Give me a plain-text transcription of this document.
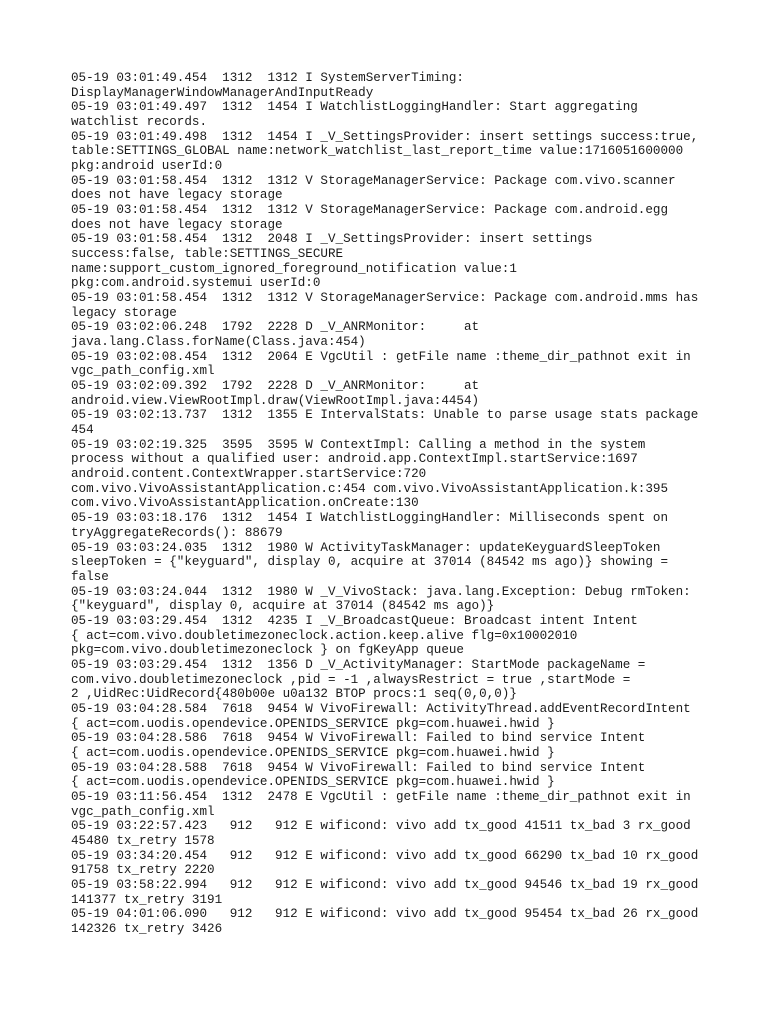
05-19 03:01:49.454  1312  1312 I SystemServerTiming:
DisplayManagerWindowManagerAndInputReady
05-19 03:01:49.497  1312  1454 I WatchlistLoggingHandler: Start aggregating
watchlist records.
05-19 03:01:49.498  1312  1454 I _V_SettingsProvider: insert settings success:true,
table:SETTINGS_GLOBAL name:network_watchlist_last_report_time value:1716051600000
pkg:android userId:0
05-19 03:01:58.454  1312  1312 V StorageManagerService: Package com.vivo.scanner
does not have legacy storage
05-19 03:01:58.454  1312  1312 V StorageManagerService: Package com.android.egg
does not have legacy storage
05-19 03:01:58.454  1312  2048 I _V_SettingsProvider: insert settings
success:false, table:SETTINGS_SECURE
name:support_custom_ignored_foreground_notification value:1
pkg:com.android.systemui userId:0
05-19 03:01:58.454  1312  1312 V StorageManagerService: Package com.android.mms has
legacy storage
05-19 03:02:06.248  1792  2228 D _V_ANRMonitor:     at
java.lang.Class.forName(Class.java:454)
05-19 03:02:08.454  1312  2064 E VgcUtil : getFile name :theme_dir_pathnot exit in
vgc_path_config.xml
05-19 03:02:09.392  1792  2228 D _V_ANRMonitor:     at
android.view.ViewRootImpl.draw(ViewRootImpl.java:4454)
05-19 03:02:13.737  1312  1355 E IntervalStats: Unable to parse usage stats package
454
05-19 03:02:19.325  3595  3595 W ContextImpl: Calling a method in the system
process without a qualified user: android.app.ContextImpl.startService:1697
android.content.ContextWrapper.startService:720
com.vivo.VivoAssistantApplication.c:454 com.vivo.VivoAssistantApplication.k:395
com.vivo.VivoAssistantApplication.onCreate:130
05-19 03:03:18.176  1312  1454 I WatchlistLoggingHandler: Milliseconds spent on
tryAggregateRecords(): 88679
05-19 03:03:24.035  1312  1980 W ActivityTaskManager: updateKeyguardSleepToken
sleepToken = {"keyguard", display 0, acquire at 37014 (84542 ms ago)} showing =
false
05-19 03:03:24.044  1312  1980 W _V_VivoStack: java.lang.Exception: Debug rmToken:
{"keyguard", display 0, acquire at 37014 (84542 ms ago)}
05-19 03:03:29.454  1312  4235 I _V_BroadcastQueue: Broadcast intent Intent
{ act=com.vivo.doubletimezoneclock.action.keep.alive flg=0x10002010
pkg=com.vivo.doubletimezoneclock } on fgKeyApp queue
05-19 03:03:29.454  1312  1356 D _V_ActivityManager: StartMode packageName =
com.vivo.doubletimezoneclock ,pid = -1 ,alwaysRestrict = true ,startMode =
2 ,UidRec:UidRecord{480b00e u0a132 BTOP procs:1 seq(0,0,0)}
05-19 03:04:28.584  7618  9454 W VivoFirewall: ActivityThread.addEventRecordIntent
{ act=com.uodis.opendevice.OPENIDS_SERVICE pkg=com.huawei.hwid }
05-19 03:04:28.586  7618  9454 W VivoFirewall: Failed to bind service Intent
{ act=com.uodis.opendevice.OPENIDS_SERVICE pkg=com.huawei.hwid }
05-19 03:04:28.588  7618  9454 W VivoFirewall: Failed to bind service Intent
{ act=com.uodis.opendevice.OPENIDS_SERVICE pkg=com.huawei.hwid }
05-19 03:11:56.454  1312  2478 E VgcUtil : getFile name :theme_dir_pathnot exit in
vgc_path_config.xml
05-19 03:22:57.423   912   912 E wificond: vivo add tx_good 41511 tx_bad 3 rx_good
45480 tx_retry 1578
05-19 03:34:20.454   912   912 E wificond: vivo add tx_good 66290 tx_bad 10 rx_good
91758 tx_retry 2220
05-19 03:58:22.994   912   912 E wificond: vivo add tx_good 94546 tx_bad 19 rx_good
141377 tx_retry 3191
05-19 04:01:06.090   912   912 E wificond: vivo add tx_good 95454 tx_bad 26 rx_good
142326 tx_retry 3426
